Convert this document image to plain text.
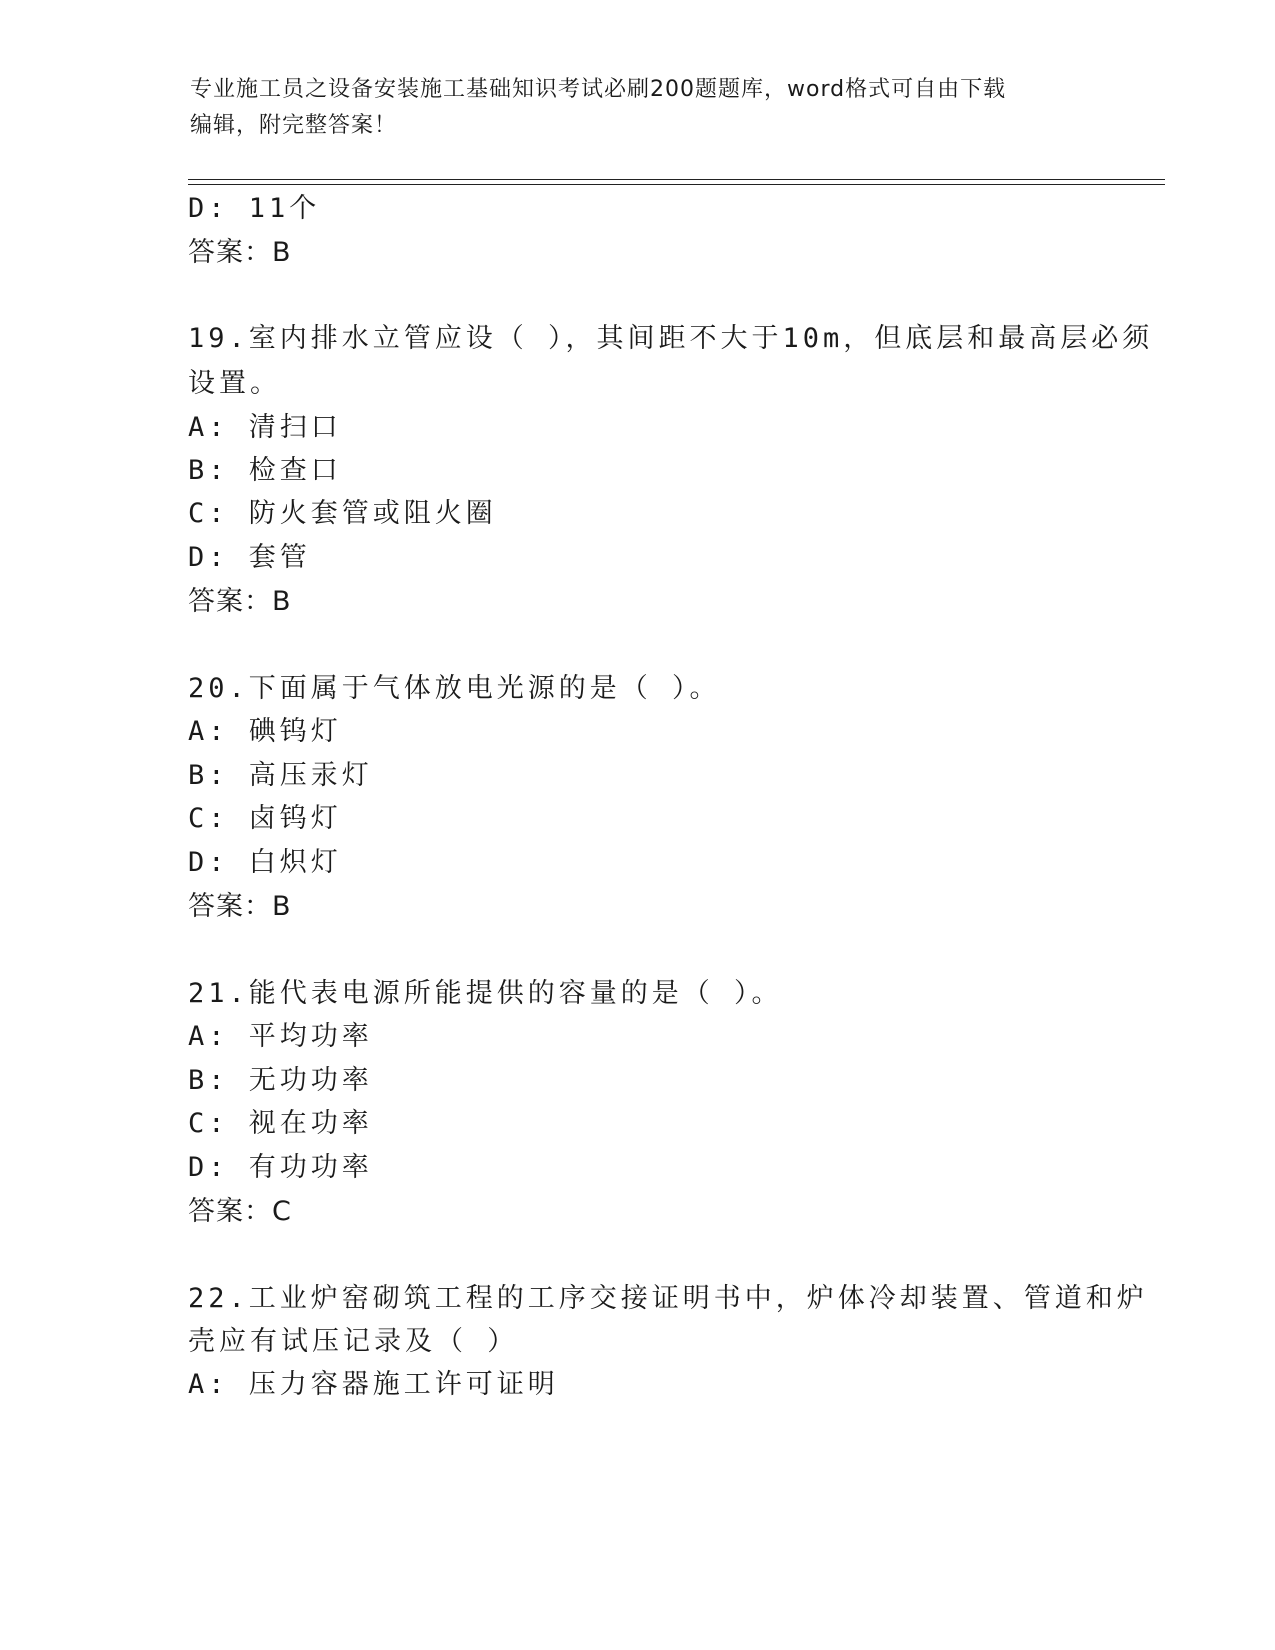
专业施工员之设备安装施工基础知识考试必刷200题题库，word格式可自由下载
编辑，附完整答案！
D: 11个
答案：B
19.室内排水立管应设（ ），其间距不大于10m，但底层和最高层必须
设置。
A: 清扫口
B: 检查口
C: 防火套管或阻火圈
D: 套管
答案：B
20.下面属于气体放电光源的是（ ）。
A: 碘钨灯
B: 高压汞灯
C: 卤钨灯
D: 白炽灯
答案：B
21.能代表电源所能提供的容量的是（ ）。
A: 平均功率
B: 无功功率
C: 视在功率
D: 有功功率
答案：C
22.工业炉窑砌筑工程的工序交接证明书中，炉体冷却装置、管道和炉
壳应有试压记录及（ ）
A: 压力容器施工许可证明
